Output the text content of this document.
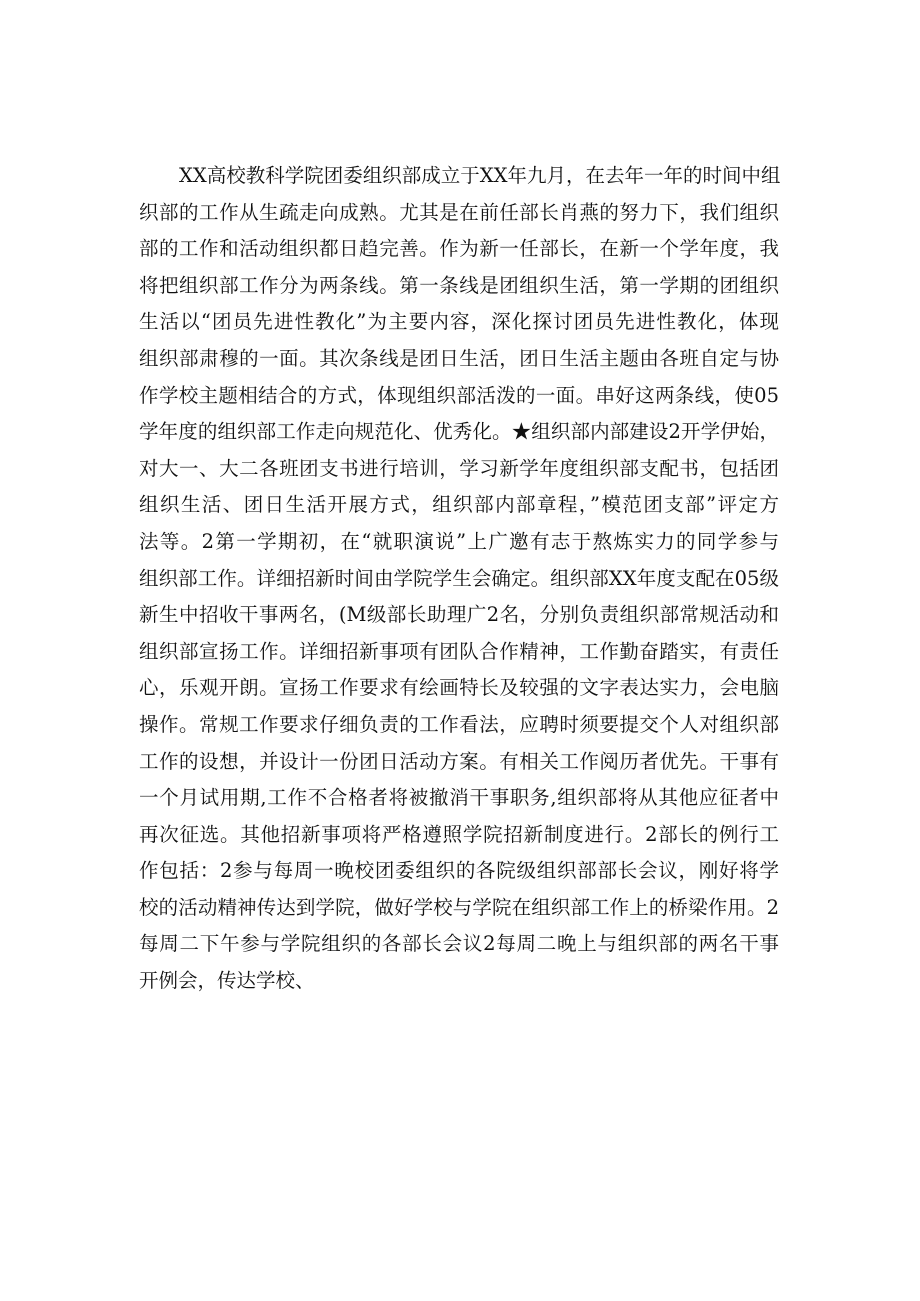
XX高校教科学院团委组织部成立于XX年九月，在去年一年的时间中组
织部的工作从生疏走向成熟。尤其是在前任部长肖燕的努力下，我们组织
部的工作和活动组织都日趋完善。作为新一任部长，在新一个学年度，我
将把组织部工作分为两条线。第一条线是团组织生活，第一学期的团组织
生活以“团员先进性教化”为主要内容，深化探讨团员先进性教化，体现
组织部肃穆的一面。其次条线是团日生活，团日生活主题由各班自定与协
作学校主题相结合的方式，体现组织部活泼的一面。串好这两条线，使05
学年度的组织部工作走向规范化、优秀化。★组织部内部建设2开学伊始，
对大一、大二各班团支书进行培训，学习新学年度组织部支配书，包括团
组织生活、团日生活开展方式，组织部内部章程，”模范团支部”评定方
法等。2第一学期初，在“就职演说”上广邀有志于熬炼实力的同学参与
组织部工作。详细招新时间由学院学生会确定。组织部XX年度支配在05级
新生中招收干事两名，(M级部长助理广2名，分别负责组织部常规活动和
组织部宣扬工作。详细招新事项有团队合作精神，工作勤奋踏实，有责任
心，乐观开朗。宣扬工作要求有绘画特长及较强的文字表达实力，会电脑
操作。常规工作要求仔细负责的工作看法，应聘时须要提交个人对组织部
工作的设想，并设计一份团日活动方案。有相关工作阅历者优先。干事有
一个月试用期,工作不合格者将被撤消干事职务,组织部将从其他应征者中
再次征选。其他招新事项将严格遵照学院招新制度进行。2部长的例行工
作包括：2参与每周一晚校团委组织的各院级组织部部长会议，刚好将学
校的活动精神传达到学院，做好学校与学院在组织部工作上的桥梁作用。2
每周二下午参与学院组织的各部长会议2每周二晚上与组织部的两名干事
开例会，传达学校、
